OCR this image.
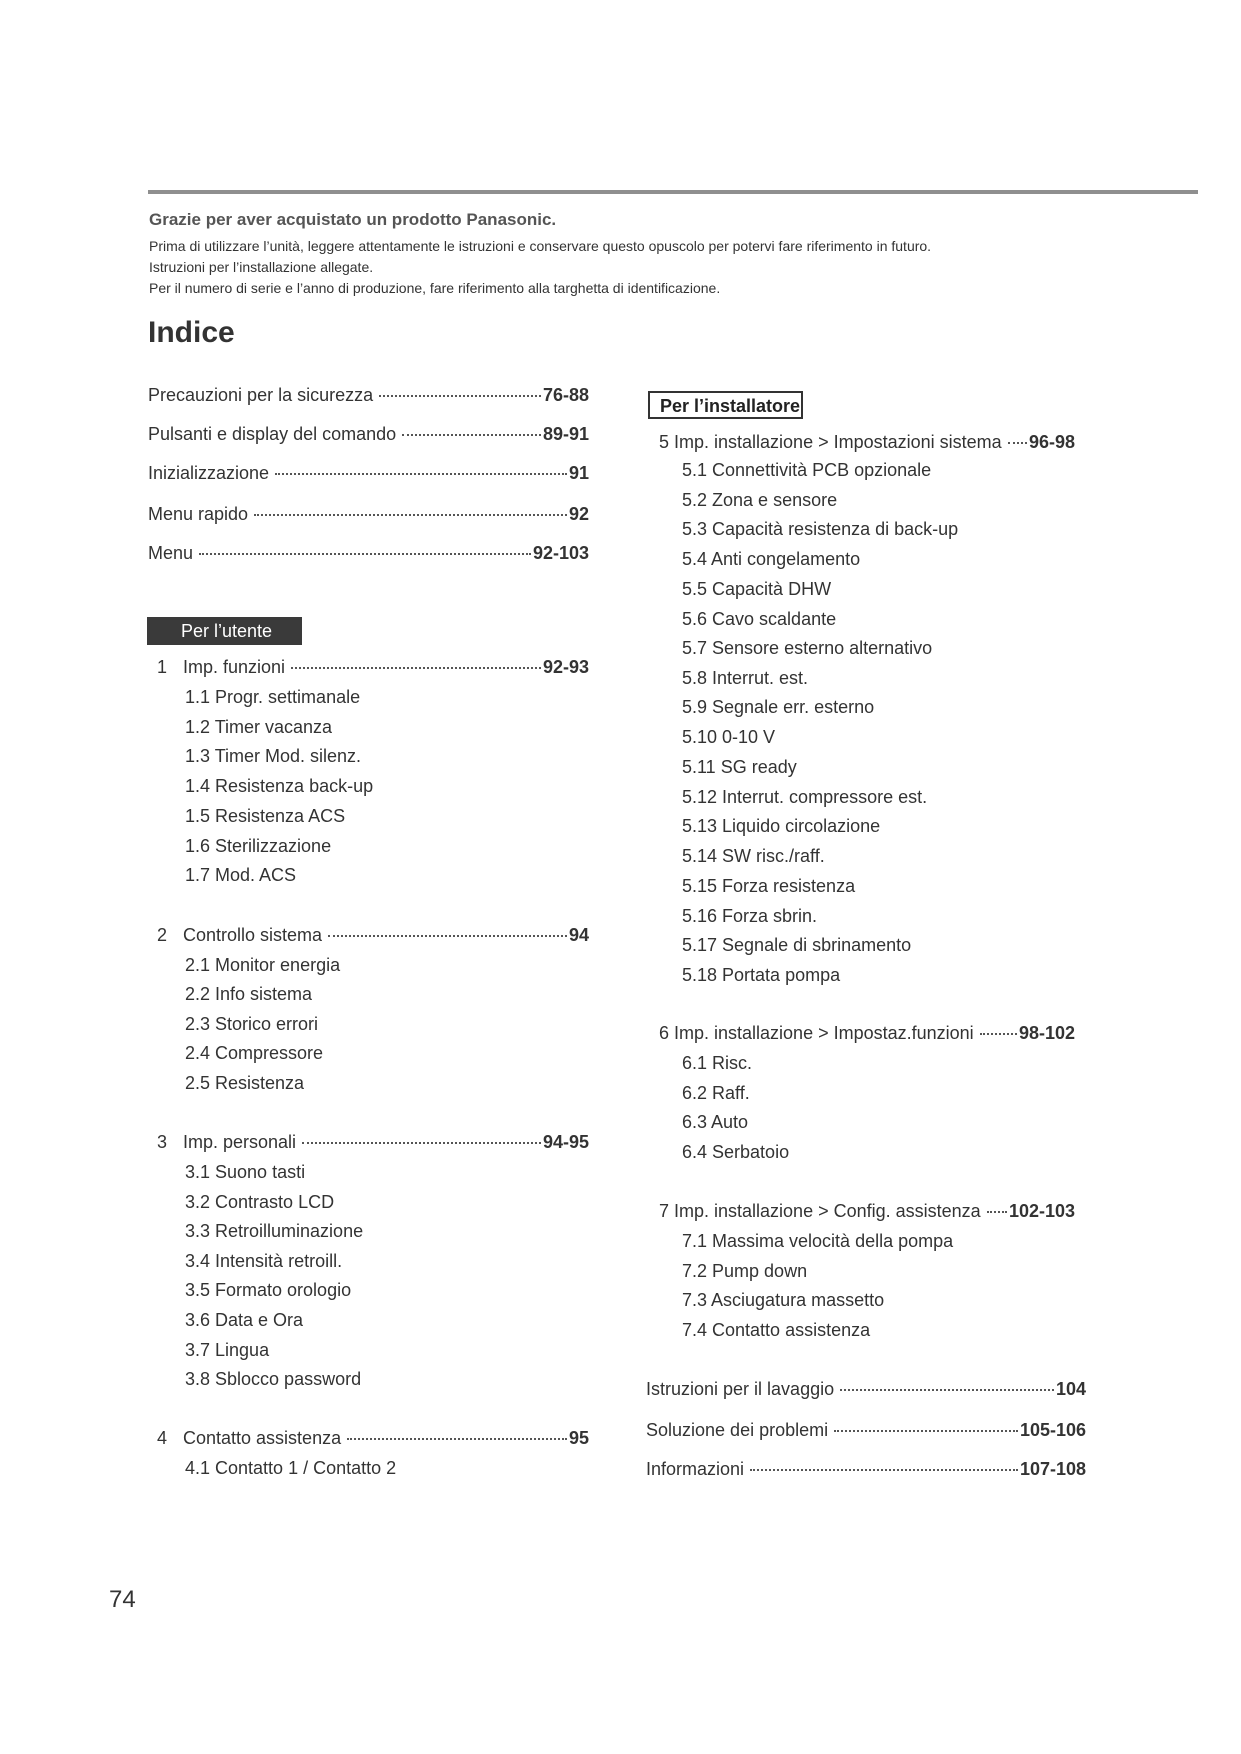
Grazie per aver acquistato un prodotto Panasonic.
Prima di utilizzare l’unità, leggere attentamente le istruzioni e conservare questo opuscolo per potervi fare riferimento in futuro.
Istruzioni per l’installazione allegate.
Per il numero di serie e l’anno di produzione, fare riferimento alla targhetta di identificazione.
Indice
Precauzioni per la sicurezza	76-88
Pulsanti e display del comando	89-91
Inizializzazione	91
Menu rapido	92
Menu	92-103
Per l’utente
1 Imp. funzioni	92-93
1.1 Progr. settimanale
1.2 Timer vacanza
1.3 Timer Mod. silenz.
1.4 Resistenza back-up
1.5 Resistenza ACS
1.6 Sterilizzazione
1.7 Mod. ACS
2 Controllo sistema	94
2.1 Monitor energia
2.2 Info sistema
2.3 Storico errori
2.4 Compressore
2.5 Resistenza
3 Imp. personali	94-95
3.1 Suono tasti
3.2 Contrasto LCD
3.3 Retroilluminazione
3.4 Intensità retroill.
3.5 Formato orologio
3.6 Data e Ora
3.7 Lingua
3.8 Sblocco password
4 Contatto assistenza	95
4.1 Contatto 1 / Contatto 2
Per l’installatore
5 Imp. installazione > Impostazioni sistema 96-98
5.1 Connettività PCB opzionale
5.2 Zona e sensore
5.3 Capacità resistenza di back-up
5.4 Anti congelamento
5.5 Capacità DHW
5.6 Cavo scaldante
5.7 Sensore esterno alternativo
5.8 Interrut. est.
5.9 Segnale err. esterno
5.10 0-10 V
5.11 SG ready
5.12 Interrut. compressore est.
5.13 Liquido circolazione
5.14 SW risc./raff.
5.15 Forza resistenza
5.16 Forza sbrin.
5.17 Segnale di sbrinamento
5.18 Portata pompa
6 Imp. installazione > Impostaz.funzioni	98-102
6.1 Risc.
6.2 Raff.
6.3 Auto
6.4 Serbatoio
7 Imp. installazione > Config. assistenza 102-103
7.1 Massima velocità della pompa
7.2 Pump down
7.3 Asciugatura massetto
7.4 Contatto assistenza
Istruzioni per il lavaggio	104
Soluzione dei problemi	105-106
Informazioni	107-108
74
